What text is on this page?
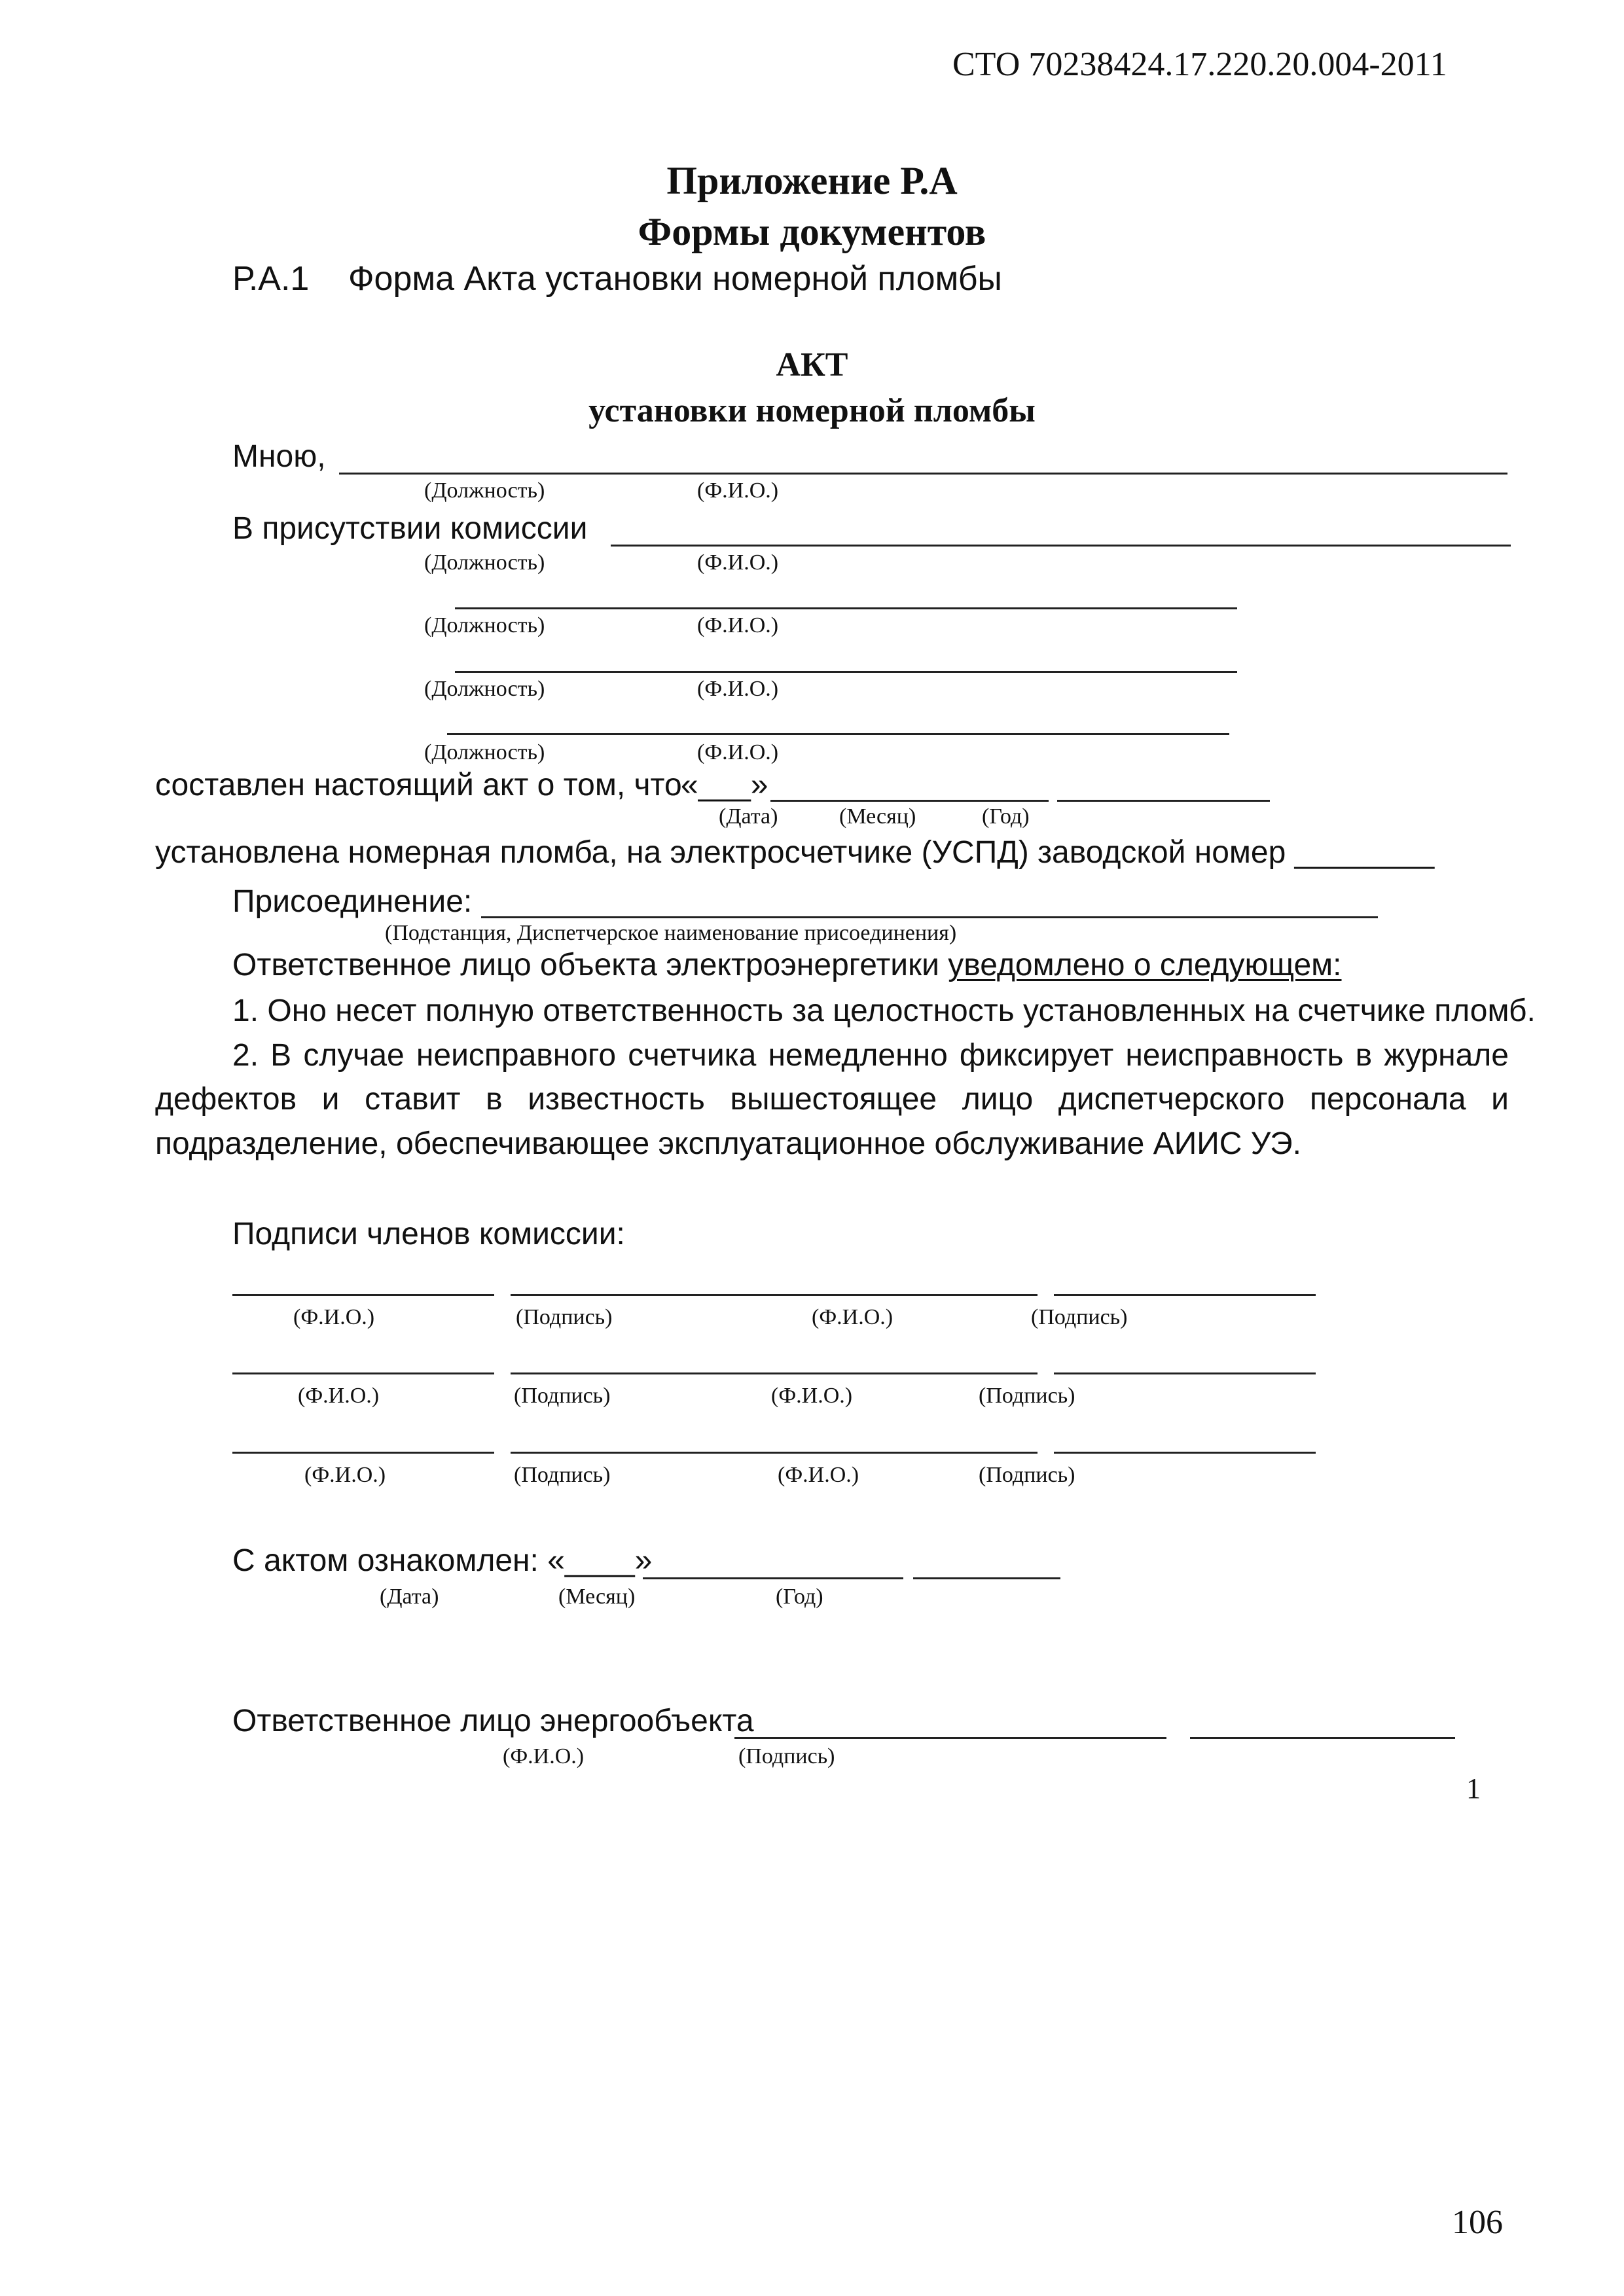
СТО 70238424.17.220.20.004-2011
Приложение Р.А
Формы документов
Р.А.1 Форма Акта установки номерной пломбы
АКТ
установки номерной пломбы
Мною,
(Должность)	(Ф.И.О.)
В присутствии комиссии
(Должность)	(Ф.И.О.)
(Должность)	(Ф.И.О.)
(Должность)	(Ф.И.О.)
(Должность)	(Ф.И.О.)
составлен настоящий акт о том, что
«___»
(Дата)	(Месяц)	(Год)
установлена номерная пломба, на электросчетчике (УСПД) заводской номер ________
Присоединение:
(Подстанция, Диспетчерское наименование присоединения)
Ответственное лицо объекта электроэнергетики уведомлено о следующем:
1. Оно несет полную ответственность за целостность установленных на счетчике пломб.
2. В случае неисправного счетчика немедленно фиксирует неисправность в журнале
дефектов и ставит в известность вышестоящее лицо диспетчерского персонала и
подразделение, обеспечивающее эксплуатационное обслуживание АИИС УЭ.
Подписи членов комиссии:
(Ф.И.О.)	(Подпись)	(Ф.И.О.)	(Подпись)
(Ф.И.О.)	(Подпись)	(Ф.И.О.)	(Подпись)
(Ф.И.О.)	(Подпись)	(Ф.И.О.)	(Подпись)
С актом ознакомлен: «____»
(Дата)	(Месяц)	(Год)
Ответственное лицо энергообъекта
(Ф.И.О.)	(Подпись)
1
106
